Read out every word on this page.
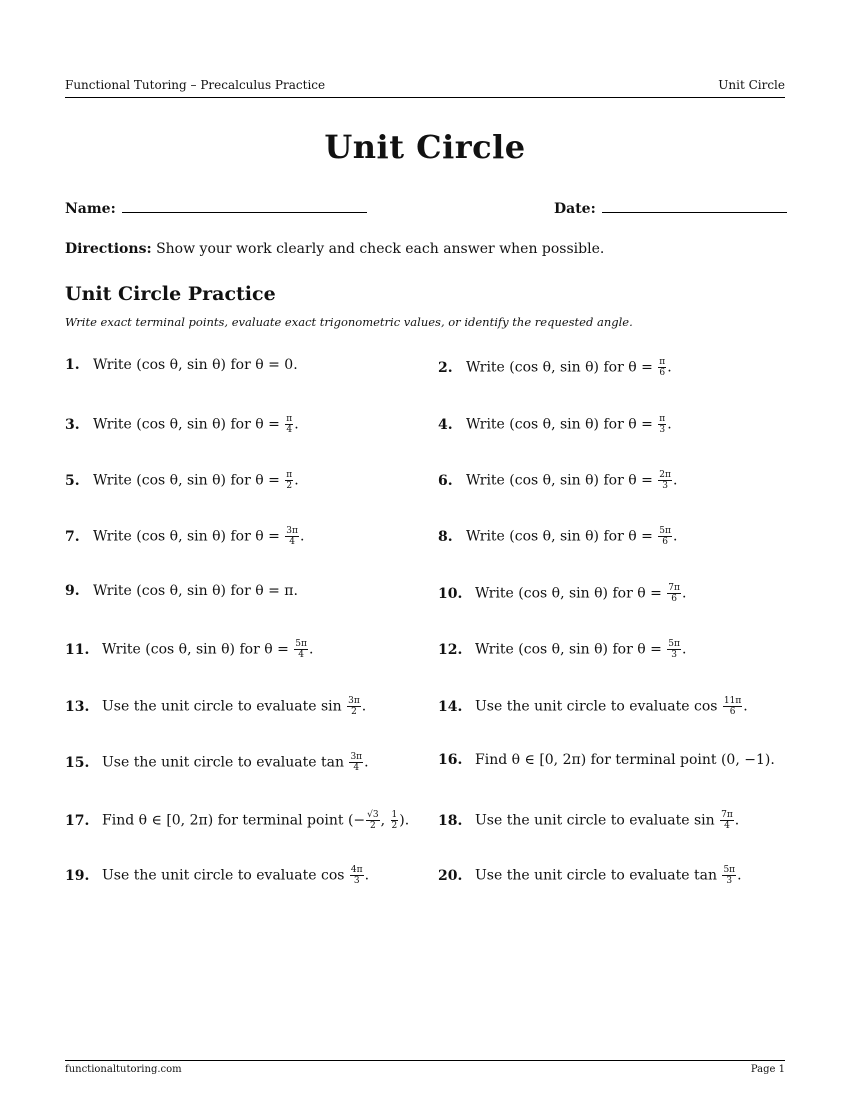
Functional Tutoring – Precalculus Practice	Unit Circle
Unit Circle
Name:	Date:
Directions: Show your work clearly and check each answer when possible.
Unit Circle Practice
Write exact terminal points, evaluate exact trigonometric values, or identify the requested angle.
1. Write (cos θ, sin θ) for θ = 0.	2. Write (cos θ, sin θ) for $\theta = \frac{\pi}{6}$ .
3. Write (cos θ, sin θ) for $\theta = \frac{\pi}{4}$ .	4. Write (cos θ, sin θ) for $\theta = \frac{\pi}{3}$ .
5. Write (cos θ, sin θ) for $\theta = \frac{\pi}{2}$ .	6. Write (cos θ, sin θ) for $\theta = \frac{2\pi}{3}$ .
7. Write (cos θ, sin θ) for $\theta = \frac{3\pi}{4}$ .	8. Write (cos θ, sin θ) for $\theta = \frac{5\pi}{6}$ .
9. Write (cos θ, sin θ) for θ = π.	10. Write (cos θ, sin θ) for $\theta = \frac{7\pi}{6}$ .
11. Write (cos θ, sin θ) for $\theta = \frac{5\pi}{4}$ .	12. Write (cos θ, sin θ) for $\theta = \frac{5\pi}{3}$ .
13. Use the unit circle to evaluate $\sin \frac{3\pi}{2}$ .	14. Use the unit circle to evaluate $\cos \frac{11\pi}{6}$ .
15. Use the unit circle to evaluate $\tan \frac{3\pi}{4}$ .	16. Find θ ∈ [0, 2π) for terminal point (0, −1).
17. Find θ ∈ [0, 2π) for terminal point (− $\frac{√3}{2}$ , $\frac{1}{2}$ ). 18. Use the unit circle to evaluate $\sin \frac{7\pi}{4}$ .
19. Use the unit circle to evaluate $\cos \frac{4\pi}{3}$ .	20. Use the unit circle to evaluate $\tan \frac{5\pi}{3}$ .
functionaltutoring.com	Page 1
